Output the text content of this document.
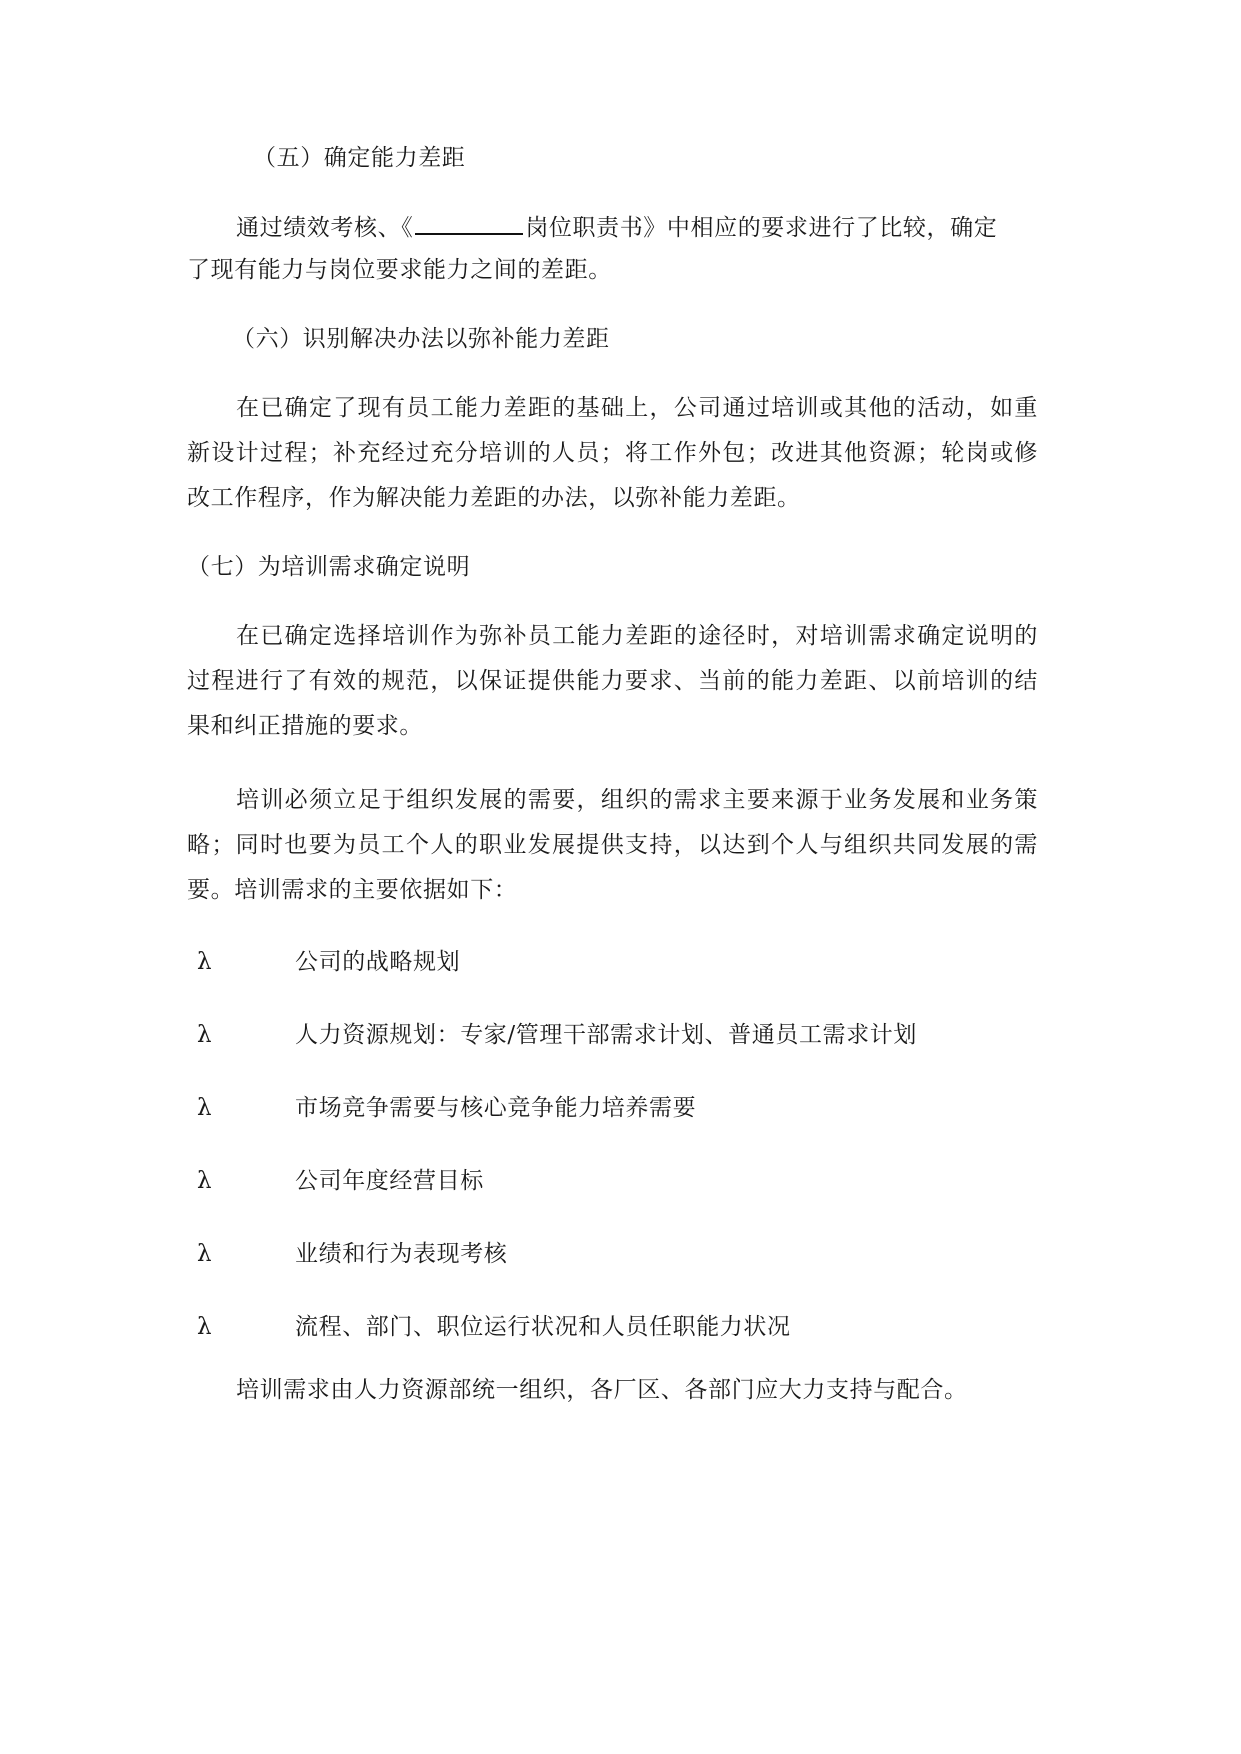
（五）确定能力差距
通过绩效考核、《	岗位职责书》中相应的要求进行了比较，确定
了现有能力与岗位要求能力之间的差距。
（六）识别解决办法以弥补能力差距
在已确定了现有员工能力差距的基础上，公司通过培训或其他的活动，如重
新设计过程；补充经过充分培训的人员；将工作外包；改进其他资源；轮岗或修
改工作程序，作为解决能力差距的办法，以弥补能力差距。
（七）为培训需求确定说明
在已确定选择培训作为弥补员工能力差距的途径时，对培训需求确定说明的
过程进行了有效的规范，以保证提供能力要求、当前的能力差距、以前培训的结
果和纠正措施的要求。
培训必须立足于组织发展的需要，组织的需求主要来源于业务发展和业务策
略；同时也要为员工个人的职业发展提供支持，以达到个人与组织共同发展的需
要。培训需求的主要依据如下：
λ	公司的战略规划
λ	人力资源规划：专家/管理干部需求计划、普通员工需求计划
λ	市场竞争需要与核心竞争能力培养需要
λ	公司年度经营目标
λ	业绩和行为表现考核
λ	流程、部门、职位运行状况和人员任职能力状况
培训需求由人力资源部统一组织，各厂区、各部门应大力支持与配合。
